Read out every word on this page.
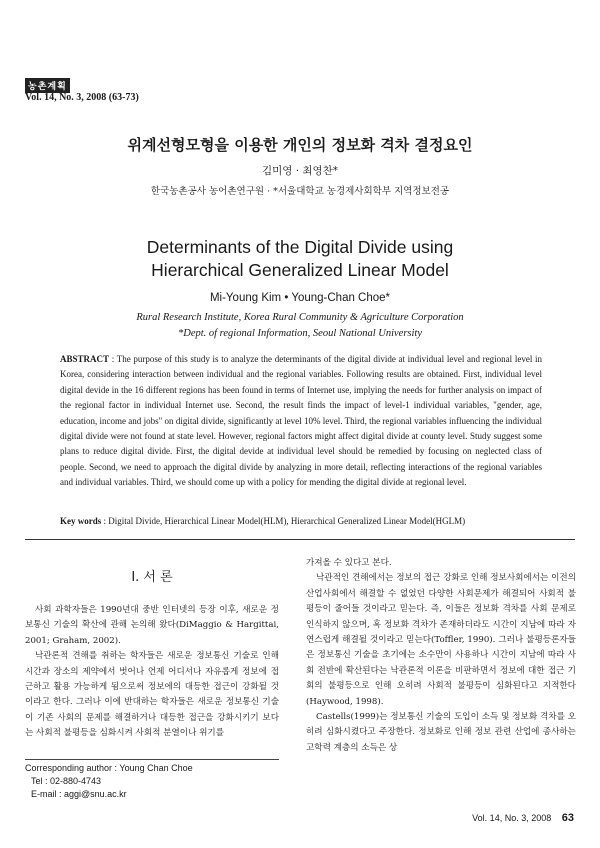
농촌계획
Vol. 14, No. 3, 2008 (63-73)
위계선형모형을 이용한 개인의 정보화 격차 결정요인
김미영 · 최영찬*
한국농촌공사 농어촌연구원 · *서울대학교 농경제사회학부 지역정보전공
Determinants of the Digital Divide using
Hierarchical Generalized Linear Model
Mi-Young Kim • Young-Chan Choe*
Rural Research Institute, Korea Rural Community & Agriculture Corporation
*Dept. of regional Information, Seoul National University
ABSTRACT : The purpose of this study is to analyze the determinants of the digital divide at individual level and regional level in Korea, considering interaction between individual and the regional variables. Following results are obtained. First, individual level digital devide in the 16 different regions has been found in terms of Internet use, implying the needs for further analysis on impact of the regional factor in individual Internet use. Second, the result finds the impact of level-1 individual variables, "gender, age, education, income and jobs" on digital divide, significantly at level 10% level. Third, the regional variables influencing the individual digital divide were not found at state level. However, regional factors might affect digital divide at county level. Study suggest some plans to reduce digital divide. First, the digital devide at individual level should be remedied by focusing on neglected class of people. Second, we need to approach the digital divide by analyzing in more detail, reflecting interactions of the regional variables and individual variables. Third, we should come up with a policy for mending the digital divide at regional level.
Key words : Digital Divide, Hierarchical Linear Model(HLM), Hierarchical Generalized Linear Model(HGLM)
I. 서 론

사회 과학자들은 1990년대 중반 인터넷의 등장 이후, 새로운 정보통신 기술의 확산에 관해 논의해 왔다(DiMaggio & Hargittai, 2001; Graham, 2002).

낙관론적 견해를 취하는 학자들은 새로운 정보통신 기술로 인해 시간과 장소의 제약에서 벗어나 언제 어디서나 자유롭게 정보에 접근하고 활용 가능하게 됨으로써 정보에의 대등한 접근이 강화될 것이라고 한다. 그러나 이에 반대하는 학자들은 새로운 정보통신 기술이 기존 사회의 문제를 해결하거나 대등한 접근을 강화시키기 보다는 사회적 불평등을 심화시켜 사회적 분열이나 위기를

가져올 수 있다고 본다.

낙관적인 견해에서는 정보의 접근 강화로 인해 정보사회에서는 이전의 산업사회에서 해결할 수 없었던 다양한 사회문제가 해결되어 사회적 불평등이 줄어들 것이라고 믿는다. 즉, 이들은 정보화 격차를 사회 문제로 인식하지 않으며, 혹 정보화 격차가 존재하더라도 시간이 지남에 따라 자연스럽게 해결될 것이라고 믿는다(Toffler, 1990). 그러나 불평등론자들은 정보통신 기술을 초기에는 소수만이 사용하나 시간이 지남에 따라 사회 전반에 확산된다는 낙관론적 이론을 비판하면서 정보에 대한 접근 기회의 불평등으로 인해 오히려 사회적 불평등이 심화된다고 지적한다(Haywood, 1998).

Castells(1999)는 정보통신 기술의 도입이 소득 및 정보화 격차를 오히려 심화시켰다고 주장한다. 정보화로 인해 정보 관련 산업에 종사하는 고학력 계층의 소득은 상

Corresponding author : Young Chan Choe
Tel : 02-880-4743
E-mail : aggi@snu.ac.kr
Vol. 14, No. 3, 2008 63
